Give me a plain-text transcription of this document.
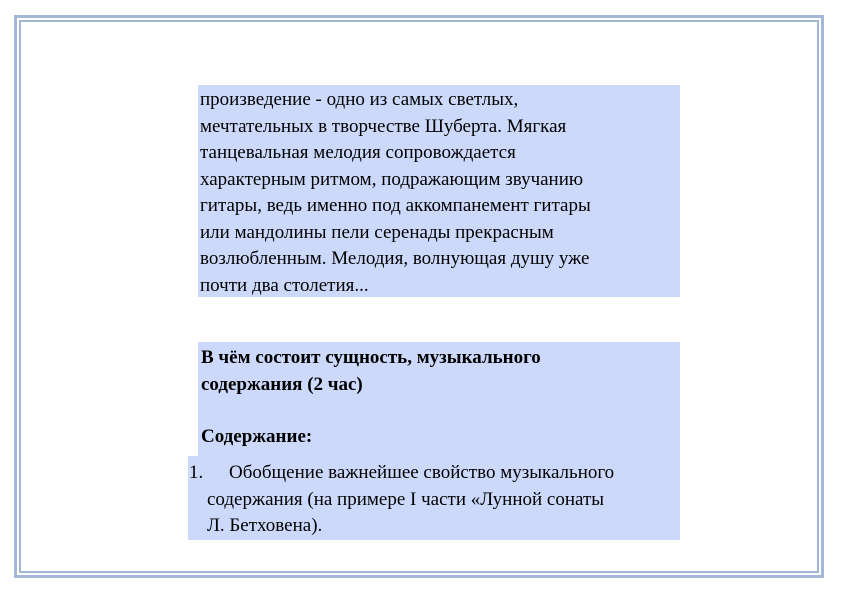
произведение - одно из самых светлых,
мечтательных в творчестве Шуберта. Мягкая
танцевальная мелодия сопровождается
характерным ритмом, подражающим звучанию
гитары, ведь именно под аккомпанемент гитары
или мандолины пели серенады прекрасным
возлюбленным. Мелодия, волнующая душу уже
почти два столетия...
В чём состоит сущность, музыкального
содержания (2 час)
Содержание:
1.	Обобщение важнейшее свойство музыкального
содержания (на примере I части «Лунной сонаты
Л. Бетховена).
